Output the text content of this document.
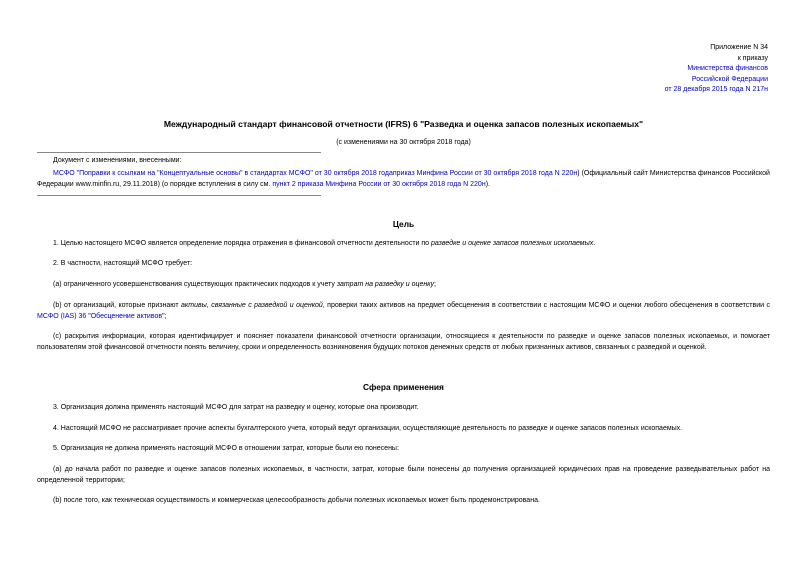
Приложение N 34
к приказу
Министерства финансов
Российской Федерации
от 28 декабря 2015 года N 217н
Международный стандарт финансовой отчетности (IFRS) 6 "Разведка и оценка запасов полезных ископаемых"
(с изменениями на 30 октября 2018 года)
Документ с изменениями, внесенными:
МСФО "Поправки к ссылкам на "Концептуальные основы" в стандартах МСФО" от 30 октября 2018 годаприказ Минфина России от 30 октября 2018 года N 220н) (Официальный сайт Министерства финансов Российской Федерации www.minfin.ru, 29.11.2018) (о порядке вступления в силу см. пункт 2 приказа Минфина России от 30 октября 2018 года N 220н).
Цель
1. Целью настоящего МСФО является определение порядка отражения в финансовой отчетности деятельности по разведке и оценке запасов полезных ископаемых.
2. В частности, настоящий МСФО требует:
(a) ограниченного усовершенствования существующих практических подходов к учету затрат на разведку и оценку;
(b) от организаций, которые признают активы, связанные с разведкой и оценкой, проверки таких активов на предмет обесценения в соответствии с настоящим МСФО и оценки любого обесценения в соответствии с МСФО (IAS) 36 "Обесценение активов";
(c) раскрытия информации, которая идентифицирует и поясняет показатели финансовой отчетности организации, относящиеся к деятельности по разведке и оценке запасов полезных ископаемых, и помогает пользователям этой финансовой отчетности понять величину, сроки и определенность возникновения будущих потоков денежных средств от любых признанных активов, связанных с разведкой и оценкой.
Сфера применения
3. Организация должна применять настоящий МСФО для затрат на разведку и оценку, которые она производит.
4. Настоящий МСФО не рассматривает прочие аспекты бухгалтерского учета, который ведут организации, осуществляющие деятельность по разведке и оценке запасов полезных ископаемых.
5. Организация не должна применять настоящий МСФО в отношении затрат, которые были ею понесены:
(a) до начала работ по разведке и оценке запасов полезных ископаемых, в частности, затрат, которые были понесены до получения организацией юридических прав на проведение разведывательных работ на определенной территории;
(b) после того, как техническая осуществимость и коммерческая целесообразность добычи полезных ископаемых может быть продемонстрирована.
